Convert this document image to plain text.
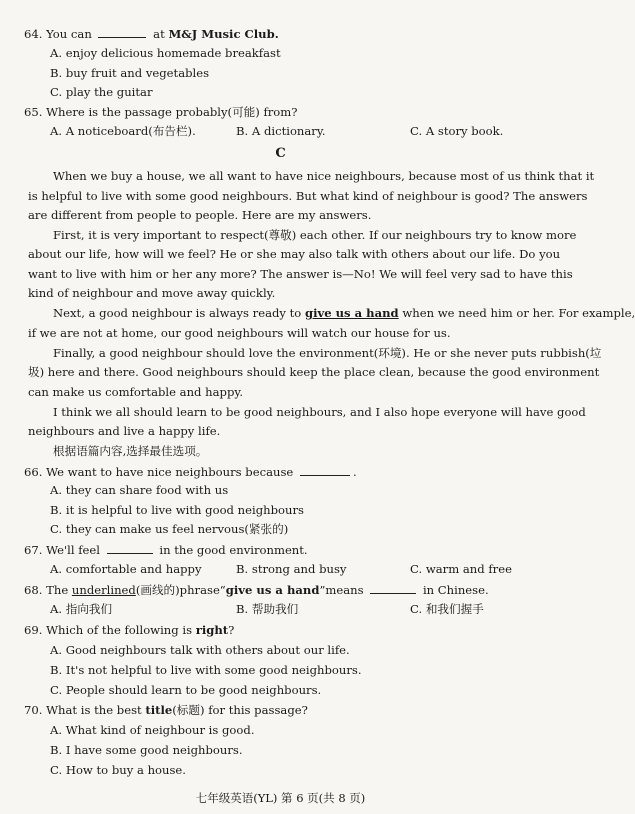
64. You can	at M&J Music Club.
A. enjoy delicious homemade breakfast
B. buy fruit and vegetables
C. play the guitar
65. Where is the passage probably(可能) from?
A. A noticeboard(布告栏).	B. A dictionary.	C. A story book.
C
When we buy a house, we all want to have nice neighbours, because most of us think that it
is helpful to live with some good neighbours. But what kind of neighbour is good? The answers
are different from people to people. Here are my answers.
First, it is very important to respect(尊敬) each other. If our neighbours try to know more
about our life, how will we feel? He or she may also talk with others about our life. Do you
want to live with him or her any more? The answer is—No! We will feel very sad to have this
kind of neighbour and move away quickly.
Next, a good neighbour is always ready to give us a hand when we need him or her. For example,
if we are not at home, our good neighbours will watch our house for us.
Finally, a good neighbour should love the environment(环境). He or she never puts rubbish(垃
圾) here and there. Good neighbours should keep the place clean, because the good environment
can make us comfortable and happy.
I think we all should learn to be good neighbours, and I also hope everyone will have good
neighbours and live a happy life.
根据语篇内容,选择最佳选项。
66. We want to have nice neighbours because	.
A. they can share food with us
B. it is helpful to live with good neighbours
C. they can make us feel nervous(紧张的)
67. We'll feel	in the good environment.
A. comfortable and happy	B. strong and busy	C. warm and free
68. The underlined(画线的)phrase“give us a hand”means	in Chinese.
A. 指向我们	B. 帮助我们	C. 和我们握手
69. Which of the following is right?
A. Good neighbours talk with others about our life.
B. It's not helpful to live with some good neighbours.
C. People should learn to be good neighbours.
70. What is the best title(标题) for this passage?
A. What kind of neighbour is good.
B. I have some good neighbours.
C. How to buy a house.
七年级英语(YL) 第 6 页(共 8 页)
